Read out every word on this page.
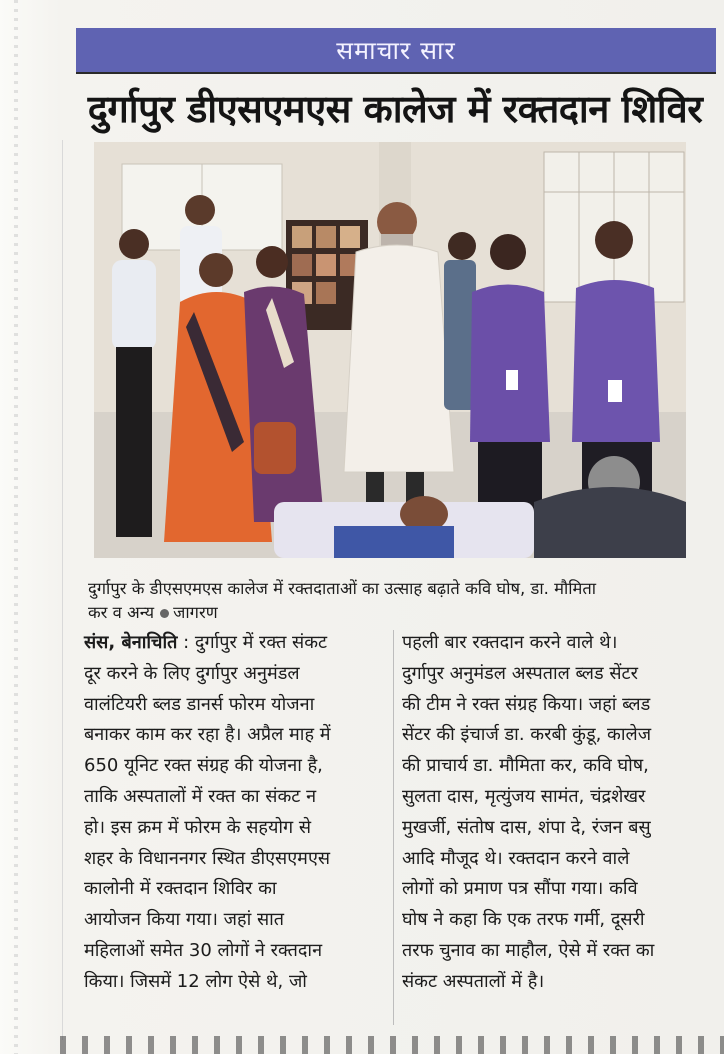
समाचार सार
दुर्गापुर डीएसएमएस कालेज में रक्तदान शिविर
दुर्गापुर के डीएसएमएस कालेज में रक्तदाताओं का उत्साह बढ़ाते कवि घोष, डा. मौमिता
कर व अन्य जागरण

संस, बेनाचिति : दुर्गापुर में रक्त संकट

दूर करने के लिए दुर्गापुर अनुमंडल

वालंटियरी ब्लड डानर्स फोरम योजना

बनाकर काम कर रहा है। अप्रैल माह में

650 यूनिट रक्त संग्रह की योजना है,

ताकि अस्पतालों में रक्त का संकट न

हो। इस क्रम में फोरम के सहयोग से

शहर के विधाननगर स्थित डीएसएमएस

कालोनी में रक्तदान शिविर का

आयोजन किया गया। जहां सात

महिलाओं समेत 30 लोगों ने रक्तदान

किया। जिसमें 12 लोग ऐसे थे, जो

पहली बार रक्तदान करने वाले थे।

दुर्गापुर अनुमंडल अस्पताल ब्लड सेंटर

की टीम ने रक्त संग्रह किया। जहां ब्लड

सेंटर की इंचार्ज डा. करबी कुंडू, कालेज

की प्राचार्य डा. मौमिता कर, कवि घोष,

सुलता दास, मृत्युंजय सामंत, चंद्रशेखर

मुखर्जी, संतोष दास, शंपा दे, रंजन बसु

आदि मौजूद थे। रक्तदान करने वाले

लोगों को प्रमाण पत्र सौंपा गया। कवि

घोष ने कहा कि एक तरफ गर्मी, दूसरी

तरफ चुनाव का माहौल, ऐसे में रक्त का

संकट अस्पतालों में है।
